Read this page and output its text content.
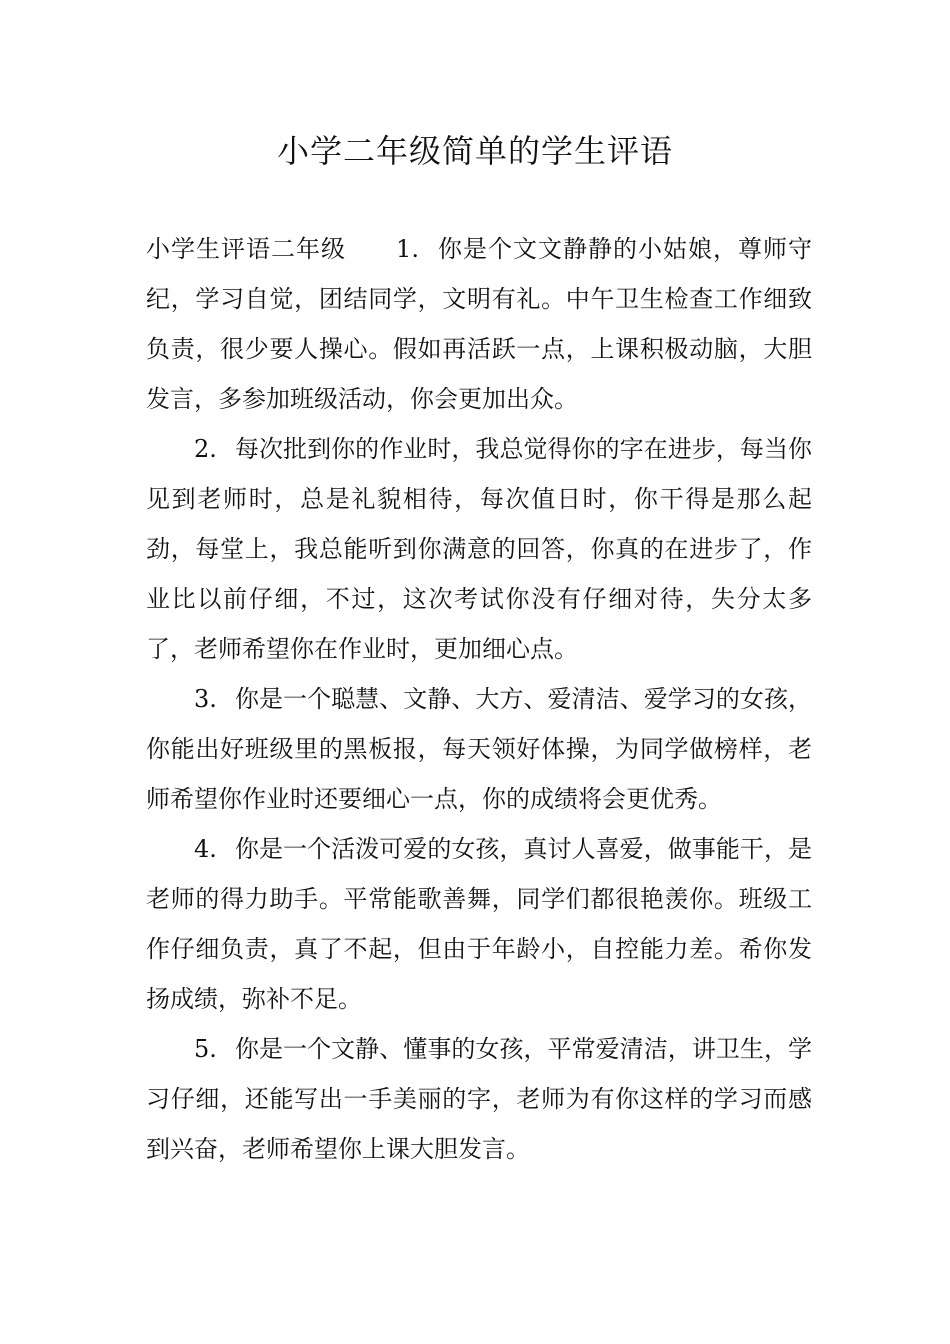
小学二年级简单的学生评语

小学生评语二年级 1. 你是个文文静静的小姑娘，尊师守纪，学习自觉，团结同学，文明有礼。中午卫生检查工作细致负责，很少要人操心。假如再活跃一点，上课积极动脑，大胆发言，多参加班级活动，你会更加出众。

2. 每次批到你的作业时，我总觉得你的字在进步，每当你见到老师时，总是礼貌相待，每次值日时，你干得是那么起劲，每堂上，我总能听到你满意的回答，你真的在进步了，作业比以前仔细，不过，这次考试你没有仔细对待，失分太多了，老师希望你在作业时，更加细心点。

3. 你是一个聪慧、文静、大方、爱清洁、爱学习的女孩，你能出好班级里的黑板报，每天领好体操，为同学做榜样，老师希望你作业时还要细心一点，你的成绩将会更优秀。

4. 你是一个活泼可爱的女孩，真讨人喜爱，做事能干，是老师的得力助手。平常能歌善舞，同学们都很艳羡你。班级工作仔细负责，真了不起，但由于年龄小，自控能力差。希你发扬成绩，弥补不足。

5. 你是一个文静、懂事的女孩，平常爱清洁，讲卫生，学习仔细，还能写出一手美丽的字，老师为有你这样的学习而感到兴奋，老师希望你上课大胆发言。
